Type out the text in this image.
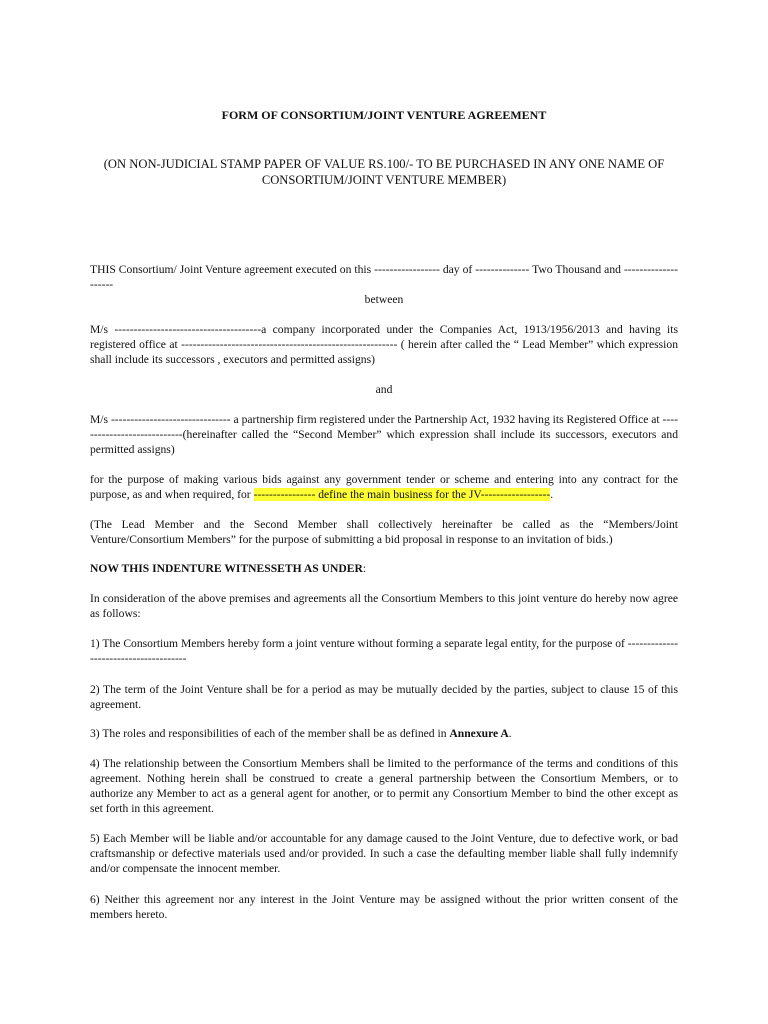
FORM OF CONSORTIUM/JOINT VENTURE AGREEMENT
(ON NON-JUDICIAL STAMP PAPER OF VALUE RS.100/- TO BE PURCHASED IN ANY ONE NAME OF CONSORTIUM/JOINT VENTURE MEMBER)
THIS Consortium/ Joint Venture agreement executed on this ----------------- day of -------------- Two Thousand and --------------------
between
M/s --------------------------------------a company incorporated under the Companies Act, 1913/1956/2013 and having its registered office at -------------------------------------------------------- ( herein after called the “ Lead Member” which expression shall include its successors , executors and permitted assigns)
and
M/s ------------------------------- a partnership firm registered under the Partnership Act, 1932 having its Registered Office at ----------------------------(hereinafter called the “Second Member” which expression shall include its successors, executors and permitted assigns)
for the purpose of making various bids against any government tender or scheme and entering into any contract for the purpose, as and when required, for ---------------- define the main business for the JV------------------.
(The Lead Member and the Second Member shall collectively hereinafter be called as the “Members/Joint Venture/Consortium Members” for the purpose of submitting a bid proposal in response to an invitation of bids.)
NOW THIS INDENTURE WITNESSETH AS UNDER:
In consideration of the above premises and agreements all the Consortium Members to this joint venture do hereby now agree as follows:
1) The Consortium Members hereby form a joint venture without forming a separate legal entity, for the purpose of --------------------------------------
2) The term of the Joint Venture shall be for a period as may be mutually decided by the parties, subject to clause 15 of this agreement.
3) The roles and responsibilities of each of the member shall be as defined in Annexure A.
4) The relationship between the Consortium Members shall be limited to the performance of the terms and conditions of this agreement. Nothing herein shall be construed to create a general partnership between the Consortium Members, or to authorize any Member to act as a general agent for another, or to permit any Consortium Member to bind the other except as set forth in this agreement.
5) Each Member will be liable and/or accountable for any damage caused to the Joint Venture, due to defective work, or bad craftsmanship or defective materials used and/or provided. In such a case the defaulting member liable shall fully indemnify and/or compensate the innocent member.
6) Neither this agreement nor any interest in the Joint Venture may be assigned without the prior written consent of the members hereto.
